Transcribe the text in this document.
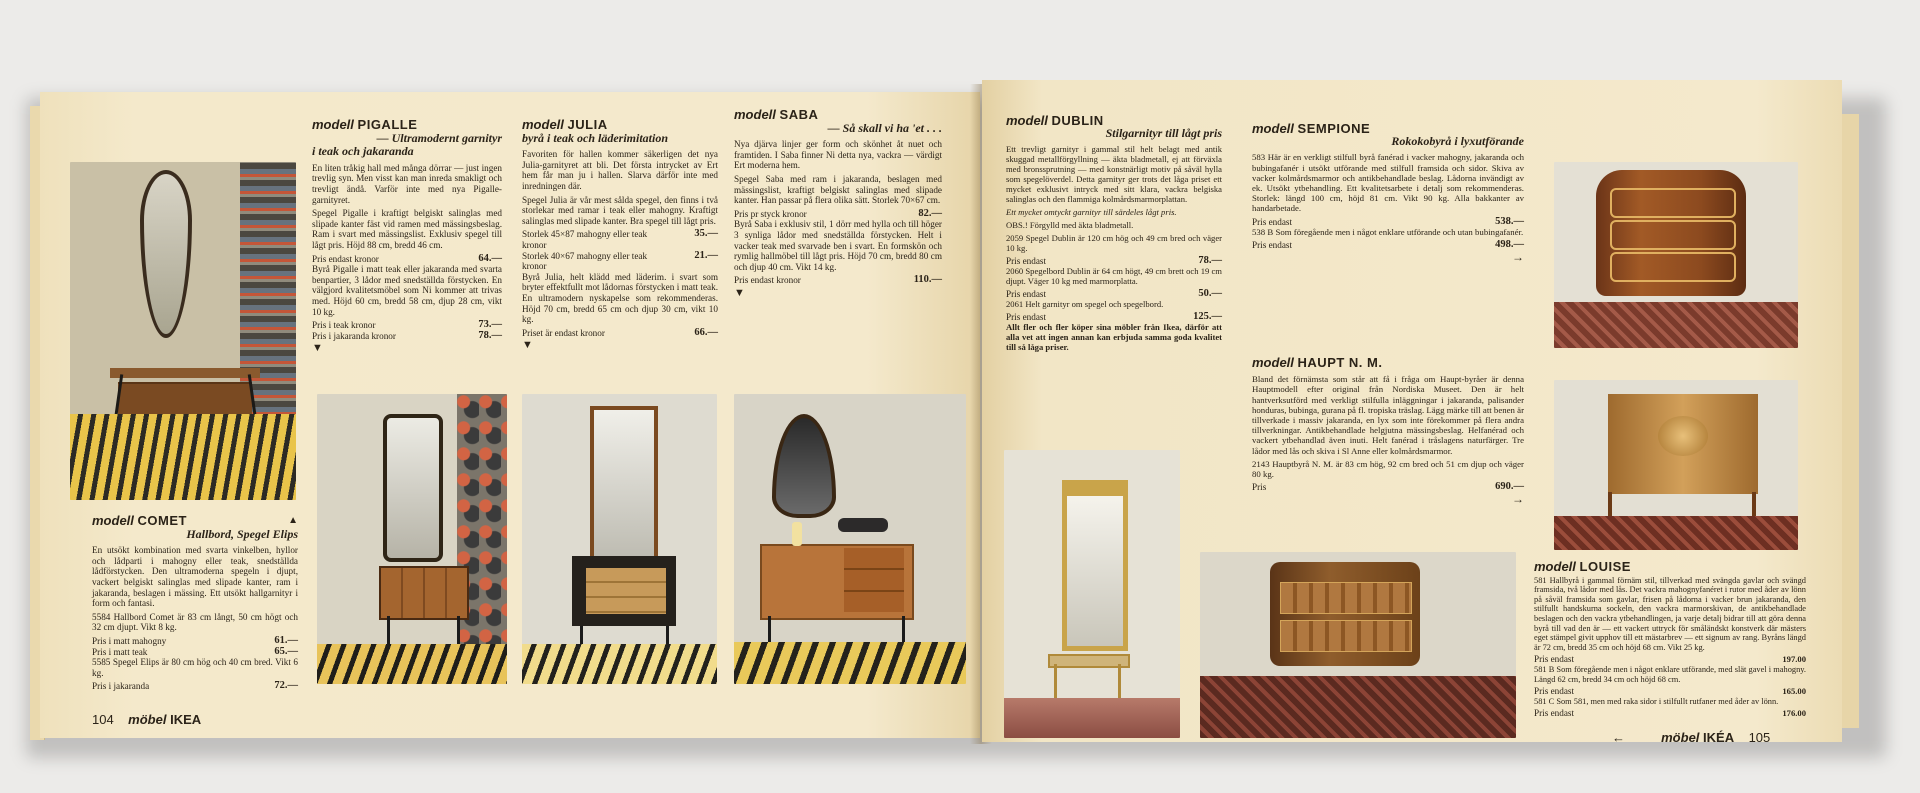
modell PIGALLE
— Ultramodernt garnityr
i teak och jakaranda

En liten tråkig hall med många dörrar — just ingen trevlig syn. Men visst kan man inreda smakligt och trevligt ändå. Varför inte med nya Pigalle-garnityret.

Spegel Pigalle i kraftigt belgiskt salinglas med slipade kanter fäst vid ramen med mässingsbeslag. Ram i svart med mässingslist. Exklusiv spegel till lågt pris. Höjd 88 cm, bredd 46 cm.

Pris endast kronor	64.—

Byrå Pigalle i matt teak eller jakaranda med svarta benpartier, 3 lådor med snedställda förstycken. En välgjord kvalitetsmöbel som Ni kommer att trivas med. Höjd 60 cm, bredd 58 cm, djup 28 cm, vikt 10 kg.

Pris i teak kronor	73.—
Pris i jakaranda kronor	78.—
▼
modell JULIA
byrå i teak och läderimitation

Favoriten för hallen kommer säkerligen det nya Julia-garnityret att bli. Det första intrycket av Ert hem får man ju i hallen. Slarva därför inte med inredningen där.

Spegel Julia är vår mest sålda spegel, den finns i två storlekar med ramar i teak eller mahogny. Kraftigt salinglas med slipade kanter. Bra spegel till lågt pris.

Storlek 45×87 mahogny eller teak kronor
35.—
Storlek 40×67 mahogny eller teak kronor
21.—

Byrå Julia, helt klädd med läderim. i svart som bryter effektfullt mot lådornas förstycken i matt teak. En ultramodern nyskapelse som rekommenderas. Höjd 70 cm, bredd 65 cm och djup 30 cm, vikt 10 kg.

Priset är endast kronor	66.—
▼
modell SABA
— Så skall vi ha 'et . . .

Nya djärva linjer ger form och skönhet åt nuet och framtiden. I Saba finner Ni detta nya, vackra — värdigt Ert moderna hem.

Spegel Saba med ram i jakaranda, beslagen med mässingslist, kraftigt belgiskt salinglas med slipade kanter. Han passar på flera olika sätt. Storlek 70×67 cm.

Pris pr styck kronor	82.—

Byrå Saba i exklusiv stil, 1 dörr med hylla och till höger 3 synliga lådor med snedställda förstycken. Helt i vacker teak med svarvade ben i svart. En formskön och rymlig hallmöbel till lågt pris. Höjd 70 cm, bredd 80 cm och djup 40 cm. Vikt 14 kg.

Pris endast kronor	110.—
▼
modell COMET	▲
Hallbord, Spegel Elips

En utsökt kombination med svarta vinkelben, hyllor och lådparti i mahogny eller teak, snedställda lådförstycken. Den ultramoderna spegeln i djupt, vackert belgiskt salinglas med slipade kanter, ram i jakaranda, beslagen i mässing. Ett utsökt hallgarnityr i form och fantasi.

5584 Hallbord Comet är 83 cm långt, 50 cm högt och 32 cm djupt. Vikt 8 kg.

Pris i matt mahogny	61.—
Pris i matt teak	65.—

5585 Spegel Elips är 80 cm hög och 40 cm bred. Vikt 6 kg.

Pris i jakaranda	72.—
104 möbel IKEA
modell DUBLIN
Stilgarnityr till lågt pris

Ett trevligt garnityr i gammal stil helt belagt med antik skuggad metallförgyllning — äkta bladmetall, ej att förväxla med bronssprutning — med konstnärligt motiv på såväl hylla som spegelöverdel. Detta garnityr ger trots det låga priset ett mycket exklusivt intryck med sitt klara, vackra belgiska salinglas och den flammiga kolmårdsmarmorplattan.

Ett mycket omtyckt garnityr till särdeles lågt pris.

OBS.! Förgylld med äkta bladmetall.

2059 Spegel Dublin är 120 cm hög och 49 cm bred och väger 10 kg.

Pris endast	78.—

2060 Spegelbord Dublin är 64 cm högt, 49 cm brett och 19 cm djupt. Väger 10 kg med marmorplatta.

Pris endast	50.—

2061 Helt garnityr om spegel och spegelbord.

Pris endast	125.—

Allt fler och fler köper sina möbler från Ikea, därför att alla vet att ingen annan kan erbjuda samma goda kvalitet till så låga priser.

modell SEMPIONE
Rokokobyrå i lyxutförande

583 Här är en verkligt stilfull byrå fanérad i vacker mahogny, jakaranda och bubingafanér i utsökt utförande med stilfull framsida och sidor. Skiva av vacker kolmårdsmarmor och antikbehandlade beslag. Lådorna invändigt av ek. Utsökt ytbehandling. Ett kvalitetsarbete i detalj som rekommenderas. Storlek: längd 100 cm, höjd 81 cm. Vikt 90 kg. Alla bakkanter av handarbetade.

Pris endast	538.—

538 B Som föregående men i något enklare utförande och utan bubingafanér.

Pris endast	498.—
→
modell HAUPT N. M.

Bland det förnämsta som står att få i fråga om Haupt-byråer är denna Hauptmodell efter original från Nordiska Museet. Den är helt hantverksutförd med verkligt stilfulla inläggningar i jakaranda, palisander honduras, bubinga, gurana på fl. tropiska träslag. Lägg märke till att benen är tillverkade i massiv jakaranda, en lyx som inte förekommer på flera andra tillverkningar. Antikbehandlade helgjutna mässingsbeslag. Helfanérad och vackert ytbehandlad även inuti. Helt fanérad i tråslagens naturfärger. Tre lådor med lås och skiva i Sl Anne eller kolmårdsmarmor.

2143 Hauptbyrå N. M. är 83 cm hög, 92 cm bred och 51 cm djup och väger 80 kg.

Pris	690.—
→
modell LOUISE

581 Hallbyrå i gammal förnäm stil, tillverkad med svängda gavlar och svängd framsida, två lådor med lås. Det vackra mahognyfanéret i rutor med åder av lönn på såväl framsida som gavlar, frisen på lådorna i vacker brun jakaranda, den stilfullt handskurna sockeln, den vackra marmorskivan, de antikbehandlade beslagen och den vackra ytbehandlingen, ja varje detalj bidrar till att göra denna byrå till vad den är — ett vackert uttryck för småländskt konstverk där mästers eget stämpel givit upphov till ett mästarbrev — ett signum av rang. Byråns längd är 72 cm, bredd 35 cm och höjd 68 cm. Vikt 25 kg.

Pris endast	197.00

581 B Som föregående men i något enklare utförande, med slät gavel i mahogny. Längd 62 cm, bredd 34 cm och höjd 68 cm.

Pris endast	165.00

581 C Som 581, men med raka sidor i stilfullt rutfaner med åder av lönn.

Pris endast	176.00
←	möbel IKÉA 105
